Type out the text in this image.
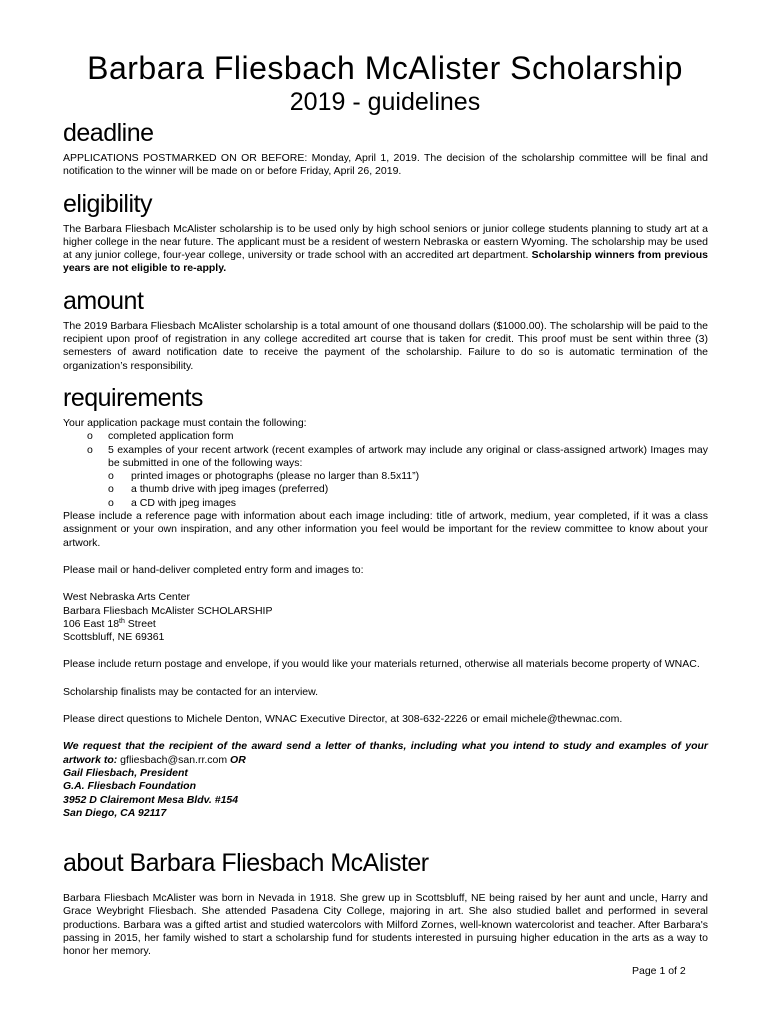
Barbara Fliesbach McAlister Scholarship
2019 - guidelines
deadline

APPLICATIONS POSTMARKED ON OR BEFORE: Monday, April 1, 2019. The decision of the scholarship committee will be final and notification to the winner will be made on or before Friday, April 26, 2019.

eligibility

The Barbara Fliesbach McAlister scholarship is to be used only by high school seniors or junior college students planning to study art at a higher college in the near future. The applicant must be a resident of western Nebraska or eastern Wyoming. The scholarship may be used at any junior college, four-year college, university or trade school with an accredited art department. Scholarship winners from previous years are not eligible to re-apply.

amount

The 2019 Barbara Fliesbach McAlister scholarship is a total amount of one thousand dollars ($1000.00). The scholarship will be paid to the recipient upon proof of registration in any college accredited art course that is taken for credit. This proof must be sent within three (3) semesters of award notification date to receive the payment of the scholarship. Failure to do so is automatic termination of the organization’s responsibility.

requirements

Your application package must contain the following:

o completed application form
o 5 examples of your recent artwork (recent examples of artwork may include any original or class-assigned artwork) Images may be submitted in one of the following ways:
o printed images or photographs (please no larger than 8.5x11”)
o a thumb drive with jpeg images (preferred)
o a CD with jpeg images

Please include a reference page with information about each image including: title of artwork, medium, year completed, if it was a class assignment or your own inspiration, and any other information you feel would be important for the review committee to know about your artwork.

Please mail or hand-deliver completed entry form and images to:

West Nebraska Arts Center
Barbara Fliesbach McAlister SCHOLARSHIP
106 East 18th Street
Scottsbluff, NE 69361

Please include return postage and envelope, if you would like your materials returned, otherwise all materials become property of WNAC.

Scholarship finalists may be contacted for an interview.

Please direct questions to Michele Denton, WNAC Executive Director, at 308-632-2226 or email michele@thewnac.com.

We request that the recipient of the award send a letter of thanks, including what you intend to study and examples of your artwork to: gfliesbach@san.rr.com OR

Gail Fliesbach, President
G.A. Fliesbach Foundation
3952 D Clairemont Mesa Bldv. #154
San Diego, CA 92117
about Barbara Fliesbach McAlister

Barbara Fliesbach McAlister was born in Nevada in 1918. She grew up in Scottsbluff, NE being raised by her aunt and uncle, Harry and Grace Weybright Fliesbach. She attended Pasadena City College, majoring in art. She also studied ballet and performed in several productions. Barbara was a gifted artist and studied watercolors with Milford Zornes, well-known watercolorist and teacher. After Barbara's passing in 2015, her family wished to start a scholarship fund for students interested in pursuing higher education in the arts as a way to honor her memory.

Page 1 of 2
